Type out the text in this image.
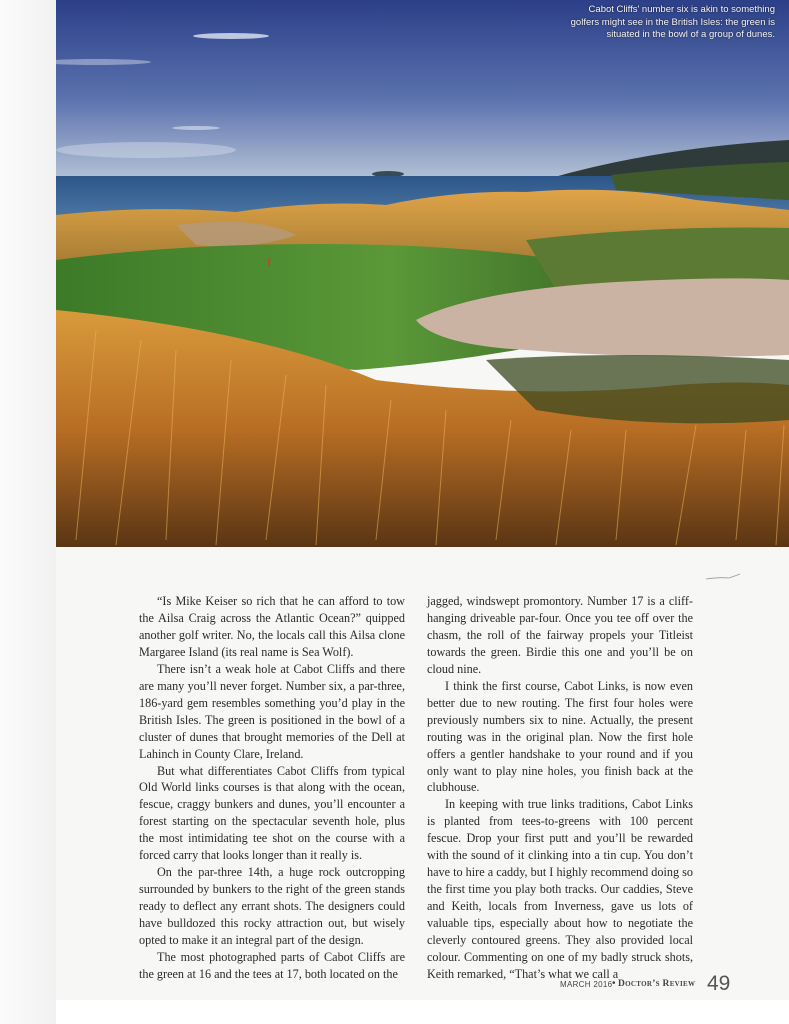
Cabot Cliffs' number six is akin to something golfers might see in the British Isles: the green is situated in the bowl of a group of dunes.

“Is Mike Keiser so rich that he can afford to tow the Ailsa Craig across the Atlantic Ocean?” quipped another golf writer. No, the locals call this Ailsa clone Margaree Island (its real name is Sea Wolf).

There isn’t a weak hole at Cabot Cliffs and there are many you’ll never forget. Number six, a par-three, 186-yard gem resembles something you’d play in the British Isles. The green is positioned in the bowl of a cluster of dunes that brought memories of the Dell at Lahinch in County Clare, Ireland.

But what differentiates Cabot Cliffs from typical Old World links courses is that along with the ocean, fescue, craggy bunkers and dunes, you’ll encounter a forest starting on the spectacular seventh hole, plus the most intimidating tee shot on the course with a forced carry that looks longer than it really is.

On the par-three 14th, a huge rock outcropping surrounded by bunkers to the right of the green stands ready to deflect any errant shots. The designers could have bulldozed this rocky attraction out, but wisely opted to make it an integral part of the design.

The most photographed parts of Cabot Cliffs are the green at 16 and the tees at 17, both located on the

jagged, windswept promontory. Number 17 is a cliff-hanging driveable par-four. Once you tee off over the chasm, the roll of the fairway propels your Titleist towards the green. Birdie this one and you’ll be on cloud nine.

I think the first course, Cabot Links, is now even better due to new routing. The first four holes were previously numbers six to nine. Actually, the present routing was in the original plan. Now the first hole offers a gentler handshake to your round and if you only want to play nine holes, you finish back at the clubhouse.

In keeping with true links traditions, Cabot Links is planted from tees-to-greens with 100 percent fescue. Drop your first putt and you’ll be rewarded with the sound of it clinking into a tin cup. You don’t have to hire a caddy, but I highly recommend doing so the first time you play both tracks. Our caddies, Steve and Keith, locals from Inverness, gave us lots of valuable tips, especially about how to negotiate the cleverly contoured greens. They also provided local colour. Commenting on one of my badly struck shots, Keith remarked, “That’s what we call a

MARCH 2016 • Doctor’s Review 49
